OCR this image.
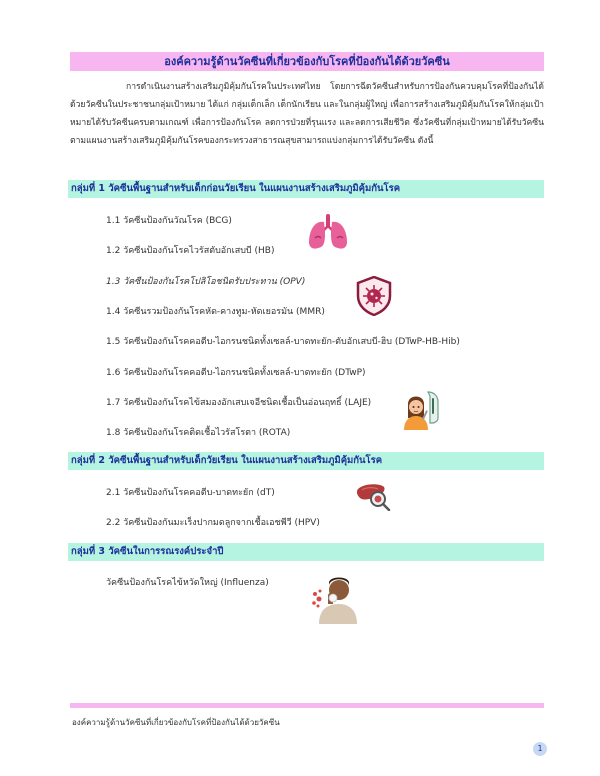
องค์ความรู้ด้านวัคซีนที่เกี่ยวข้องกับโรคที่ป้องกันได้ด้วยวัคซีน
การดำเนินงานสร้างเสริมภูมิคุ้มกันโรคในประเทศไทย โดยการฉีดวัคซีนสำหรับการป้องกันควบคุมโรคที่ป้องกันได้ด้วยวัคซีนในประชาชนกลุ่มเป้าหมาย ได้แก่ กลุ่มเด็กเล็ก เด็กนักเรียน และในกลุ่มผู้ใหญ่ เพื่อการสร้างเสริมภูมิคุ้มกันโรคให้กลุ่มเป้าหมายได้รับวัคซีนครบตามเกณฑ์ เพื่อการป้องกันโรค ลดการป่วยที่รุนแรง และลดการเสียชีวิต ซึ่งวัคซีนที่กลุ่มเป้าหมายได้รับวัคซีนตามแผนงานสร้างเสริมภูมิคุ้มกันโรคของกระทรวงสาธารณสุขสามารถแบ่งกลุ่มการได้รับวัคซีน ดังนี้
กลุ่มที่ 1 วัคซีนพื้นฐานสำหรับเด็กก่อนวัยเรียน ในแผนงานสร้างเสริมภูมิคุ้มกันโรค
1.1 วัคซีนป้องกันวัณโรค (BCG)
1.2 วัคซีนป้องกันโรคไวรัสตับอักเสบบี (HB)
1.3 วัคซีนป้องกันโรคโปลิโอชนิดรับประทาน (OPV)
1.4 วัคซีนรวมป้องกันโรคหัด-คางทูม-หัดเยอรมัน (MMR)
1.5 วัคซีนป้องกันโรคคอตีบ-ไอกรนชนิดทั้งเซลล์-บาดทะยัก-ตับอักเสบบี-ฮิบ (DTwP-HB-Hib)
1.6 วัคซีนป้องกันโรคคอตีบ-ไอกรนชนิดทั้งเซลล์-บาดทะยัก (DTwP)
1.7 วัคซีนป้องกันโรคไข้สมองอักเสบเจอีชนิดเชื้อเป็นอ่อนฤทธิ์ (LAJE)
1.8 วัคซีนป้องกันโรคติดเชื้อไวรัสโรตา (ROTA)
กลุ่มที่ 2 วัคซีนพื้นฐานสำหรับเด็กวัยเรียน ในแผนงานสร้างเสริมภูมิคุ้มกันโรค
2.1 วัคซีนป้องกันโรคคอตีบ-บาดทะยัก (dT)
2.2 วัคซีนป้องกันมะเร็งปากมดลูกจากเชื้อเอชพีวี (HPV)
กลุ่มที่ 3 วัคซีนในการรณรงค์ประจำปี
วัคซีนป้องกันโรคไข้หวัดใหญ่ (Influenza)
องค์ความรู้ด้านวัคซีนที่เกี่ยวข้องกับโรคที่ป้องกันได้ด้วยวัคซีน
1
